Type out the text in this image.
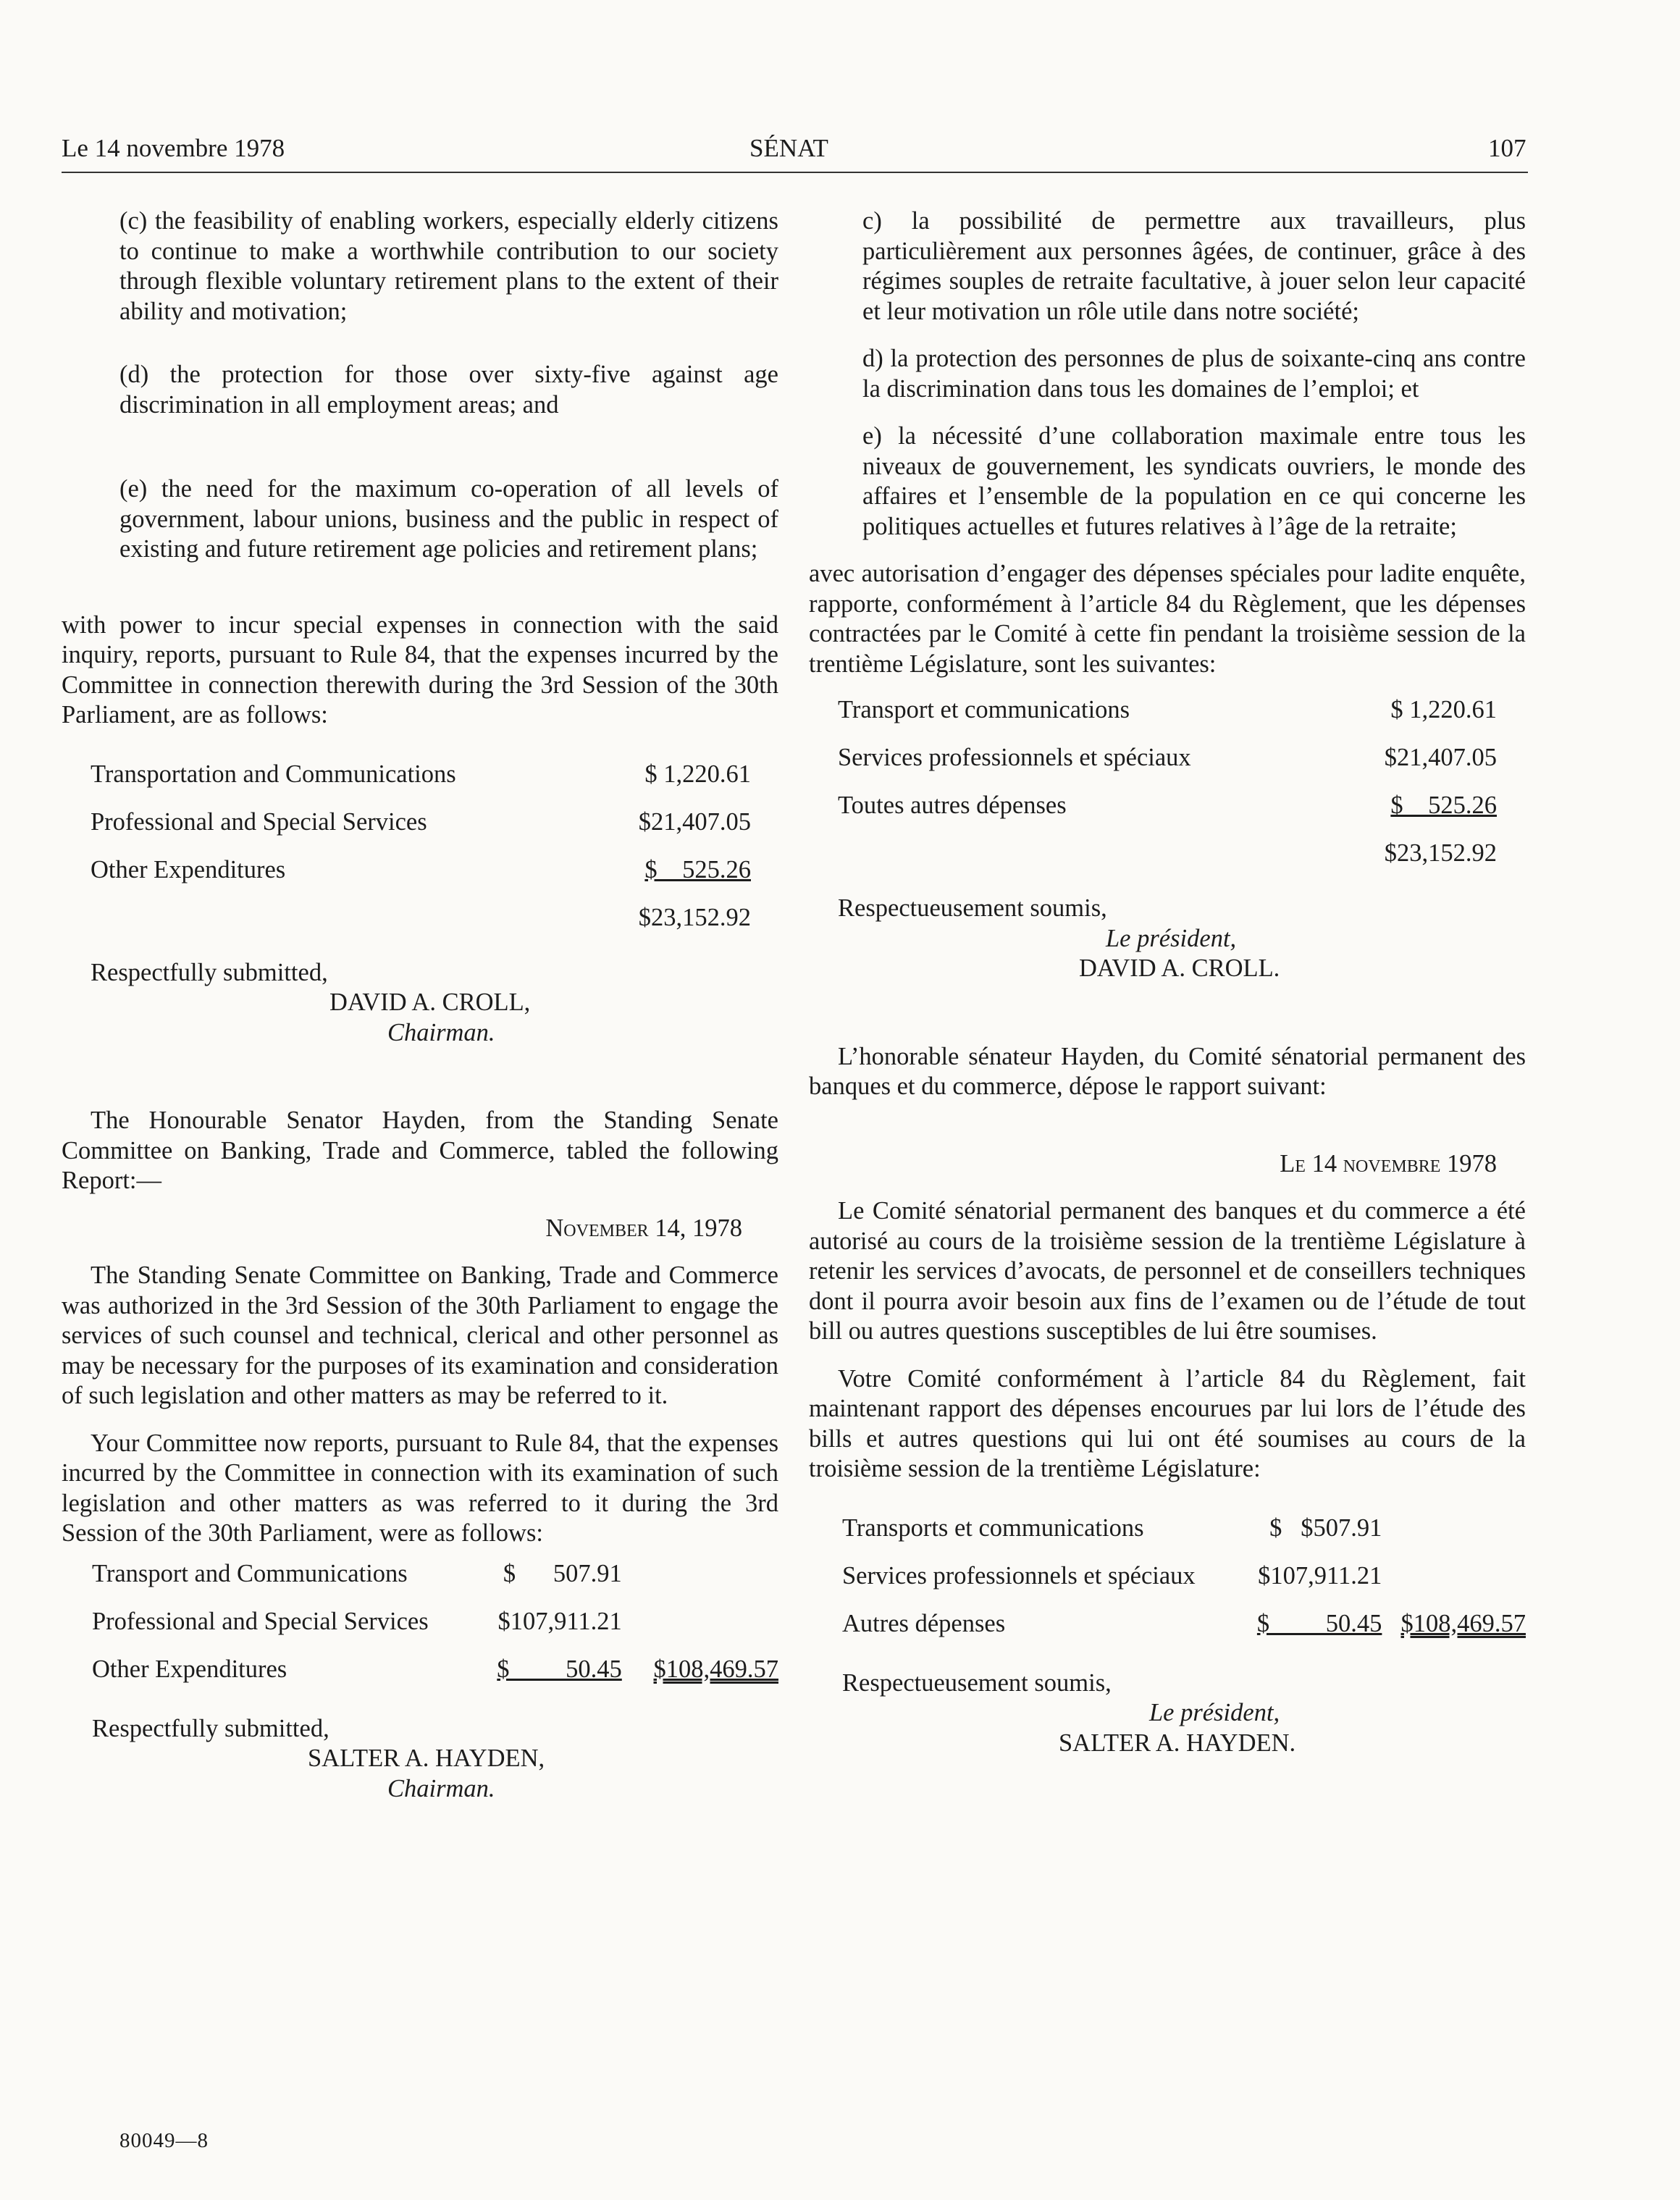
Le 14 novembre 1978	SÉNAT	107

(c) the feasibility of enabling workers, especially elderly citizens to continue to make a worthwhile contribution to our society through flexible voluntary retirement plans to the extent of their ability and motivation;

(d) the protection for those over sixty-five against age discrimination in all employment areas; and

(e) the need for the maximum co-operation of all levels of government, labour unions, business and the public in respect of existing and future retirement age policies and retirement plans;

with power to incur special expenses in connection with the said inquiry, reports, pursuant to Rule 84, that the expenses incurred by the Committee in connection therewith during the 3rd Session of the 30th Parliament, are as follows:

Transportation and Communications	$ 1,220.61
Professional and Special Services	$21,407.05
Other Expenditures	$    525.26
	$23,152.92

Respectfully submitted,

DAVID A. CROLL,

Chairman.

The Honourable Senator Hayden, from the Standing Senate Committee on Banking, Trade and Commerce, tabled the following Report:—

November 14, 1978

The Standing Senate Committee on Banking, Trade and Commerce was authorized in the 3rd Session of the 30th Parliament to engage the services of such counsel and technical, clerical and other personnel as may be necessary for the purposes of its examination and consideration of such legislation and other matters as may be referred to it.

Your Committee now reports, pursuant to Rule 84, that the expenses incurred by the Committee in connection with its examination of such legislation and other matters as was referred to it during the 3rd Session of the 30th Parliament, were as follows:

Transport and Communications	$      507.91	
Professional and Special Services	$107,911.21	
Other Expenditures	$         50.45	$108,469.57

Respectfully submitted,

SALTER A. HAYDEN,

Chairman.

c) la possibilité de permettre aux travailleurs, plus particulièrement aux personnes âgées, de continuer, grâce à des régimes souples de retraite facultative, à jouer selon leur capacité et leur motivation un rôle utile dans notre société;

d) la protection des personnes de plus de soixante-cinq ans contre la discrimination dans tous les domaines de l’emploi; et

e) la nécessité d’une collaboration maximale entre tous les niveaux de gouvernement, les syndicats ouvriers, le monde des affaires et l’ensemble de la population en ce qui concerne les politiques actuelles et futures relatives à l’âge de la retraite;

avec autorisation d’engager des dépenses spéciales pour ladite enquête, rapporte, conformément à l’article 84 du Règlement, que les dépenses contractées par le Comité à cette fin pendant la troisième session de la trentième Législature, sont les suivantes:

Transport et communications	$ 1,220.61
Services professionnels et spéciaux	$21,407.05
Toutes autres dépenses	$    525.26
	$23,152.92

Respectueusement soumis,

Le président,

DAVID A. CROLL.

L’honorable sénateur Hayden, du Comité sénatorial permanent des banques et du commerce, dépose le rapport suivant:

Le 14 novembre 1978

Le Comité sénatorial permanent des banques et du commerce a été autorisé au cours de la troisième session de la trentième Législature à retenir les services d’avocats, de personnel et de conseillers techniques dont il pourra avoir besoin aux fins de l’examen ou de l’étude de tout bill ou autres questions susceptibles de lui être soumises.

Votre Comité conformément à l’article 84 du Règlement, fait maintenant rapport des dépenses encourues par lui lors de l’étude des bills et autres questions qui lui ont été soumises au cours de la troisième session de la trentième Législature:

Transports et communications	$   $507.91	
Services professionnels et spéciaux	$107,911.21	
Autres dépenses	$         50.45	$108,469.57

Respectueusement soumis,

Le président,

SALTER A. HAYDEN.

80049—8
